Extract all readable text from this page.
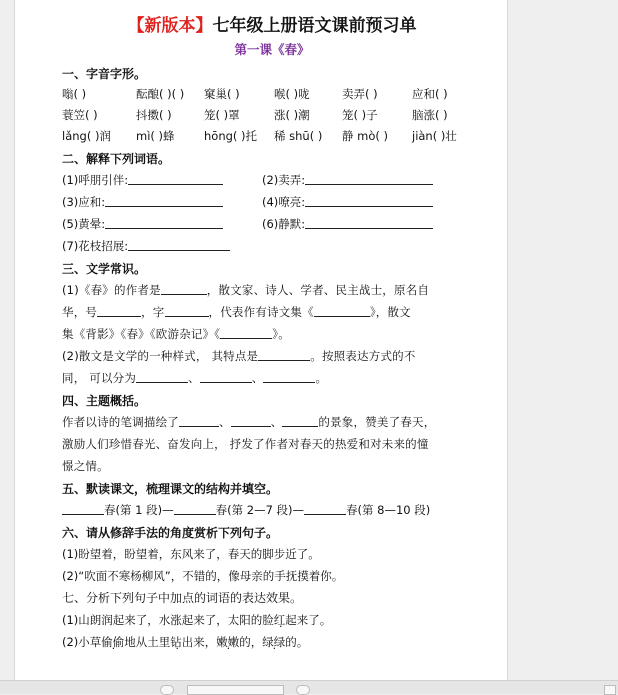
【新版本】七年级上册语文课前预习单
第一课《春》
一、字音字形。
嗡( )	酝酿( )( )	窠巢( )	喉( )咙	卖弄( )	应和( )
蓑笠( )	抖擞( )	笼( )罩	涨( )潮	笼( )子	脑涨( )
lǎng( )润	mì( )蜂	hōng( )托	稀 shū( )	静 mò( )	jiàn( )壮
二、解释下列词语。
(1)呼朋引伴:	(2)卖弄:
(3)应和:	(4)嘹亮:
(5)黄晕:	(6)静默:
(7)花枝招展:
三、文学常识。
(1)《春》的作者是	，散文家、诗人、学者、民主战士，原名自
华，号	，字	，代表作有诗文集《	》，散文
集《背影》《春》《欧游杂记》《	》。
(2)散文是文学的一种样式， 其特点是	。按照表达方式的不
同， 可以分为	、	、	。
四、主题概括。
作者以诗的笔调描绘了	、	、	的景象，赞美了春天，
激励人们珍惜春光、奋发向上， 抒发了作者对春天的热爱和对未来的憧
憬之情。
五、默读课文，梳理课文的结构并填空。
春(第 1 段)—	春(第 2—7 段)—	春(第 8—10 段)
六、请从修辞手法的角度赏析下列句子。
(1)盼望着，盼望着，东风来了，春天的脚步近了。
(2)“吹面不寒杨柳风”，不错的，像母亲的手抚摸着你。
七、分析下列句子中加点的词语的表达效果。
(1)山朗润起来了，水涨起来了，太阳的脸红 .起来了。
(2)小草偷偷 .地从土里钻 .出来，嫩嫩 .的，绿绿 .的。
